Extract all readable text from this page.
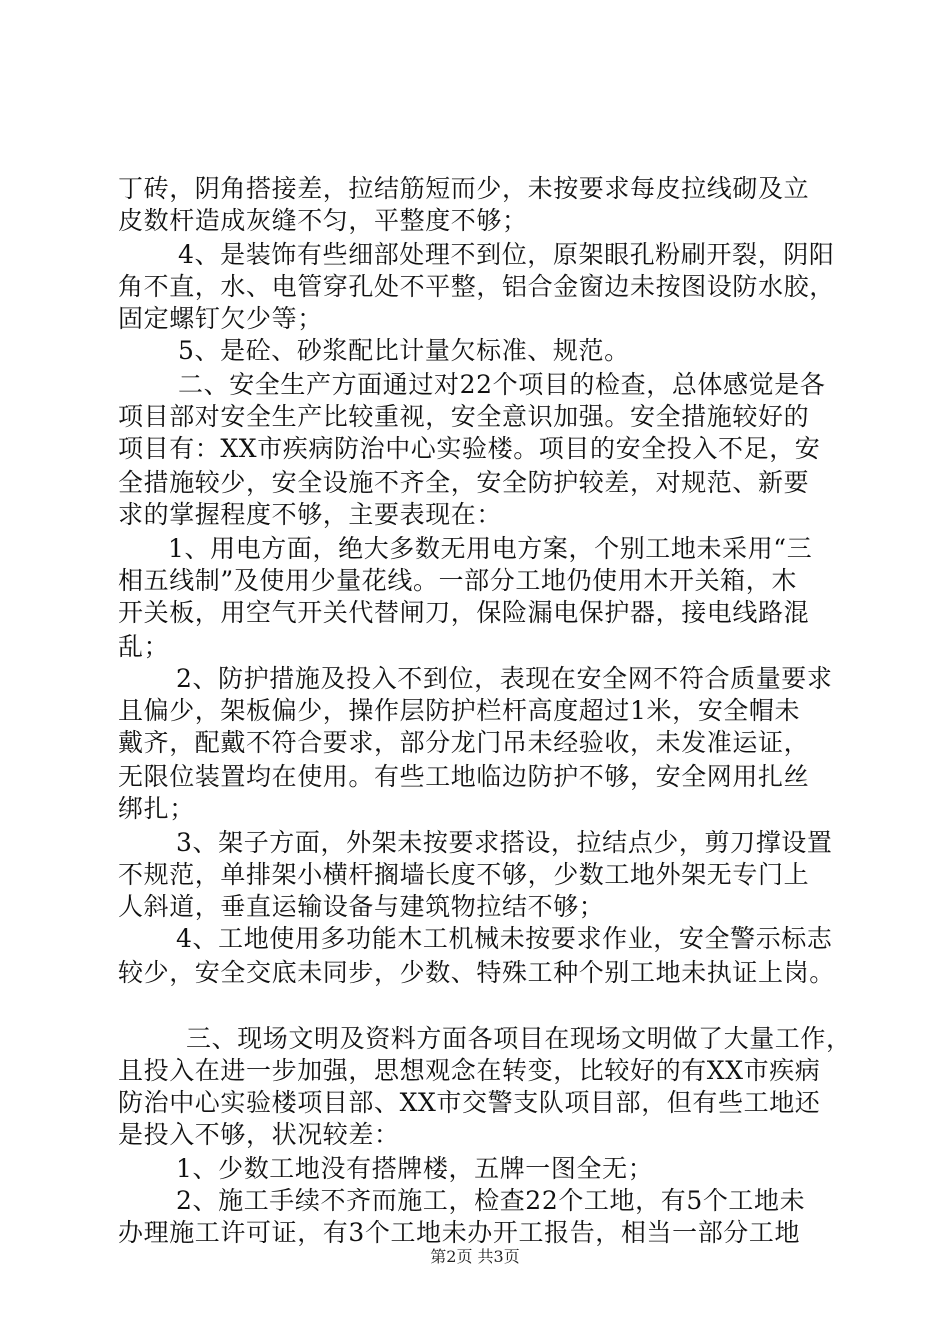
丁砖，阴角搭接差，拉结筋短而少，未按要求每皮拉线砌及立
皮数杆造成灰缝不匀，平整度不够；
4、是装饰有些细部处理不到位，原架眼孔粉刷开裂，阴阳
角不直，水、电管穿孔处不平整，铝合金窗边未按图设防水胶，
固定螺钉欠少等；
5、是砼、砂浆配比计量欠标准、规范。
二、安全生产方面通过对22个项目的检查，总体感觉是各
项目部对安全生产比较重视，安全意识加强。安全措施较好的
项目有：XX市疾病防治中心实验楼。项目的安全投入不足，安
全措施较少，安全设施不齐全，安全防护较差，对规范、新要
求的掌握程度不够，主要表现在：
1、用电方面，绝大多数无用电方案，个别工地未采用“三
相五线制”及使用少量花线。一部分工地仍使用木开关箱，木
开关板，用空气开关代替闸刀，保险漏电保护器，接电线路混
乱；
2、防护措施及投入不到位，表现在安全网不符合质量要求
且偏少，架板偏少，操作层防护栏杆高度超过1米，安全帽未
戴齐，配戴不符合要求，部分龙门吊未经验收，未发准运证，
无限位装置均在使用。有些工地临边防护不够，安全网用扎丝
绑扎；
3、架子方面，外架未按要求搭设，拉结点少，剪刀撑设置
不规范，单排架小横杆搁墙长度不够，少数工地外架无专门上
人斜道，垂直运输设备与建筑物拉结不够；
4、工地使用多功能木工机械未按要求作业，安全警示标志
较少，安全交底未同步，少数、特殊工种个别工地未执证上岗。
三、现场文明及资料方面各项目在现场文明做了大量工作，
且投入在进一步加强，思想观念在转变，比较好的有XX市疾病
防治中心实验楼项目部、XX市交警支队项目部，但有些工地还
是投入不够，状况较差：
1、少数工地没有搭牌楼，五牌一图全无；
2、施工手续不齐而施工，检查22个工地，有5个工地未
办理施工许可证，有3个工地未办开工报告，相当一部分工地
第2页 共3页
